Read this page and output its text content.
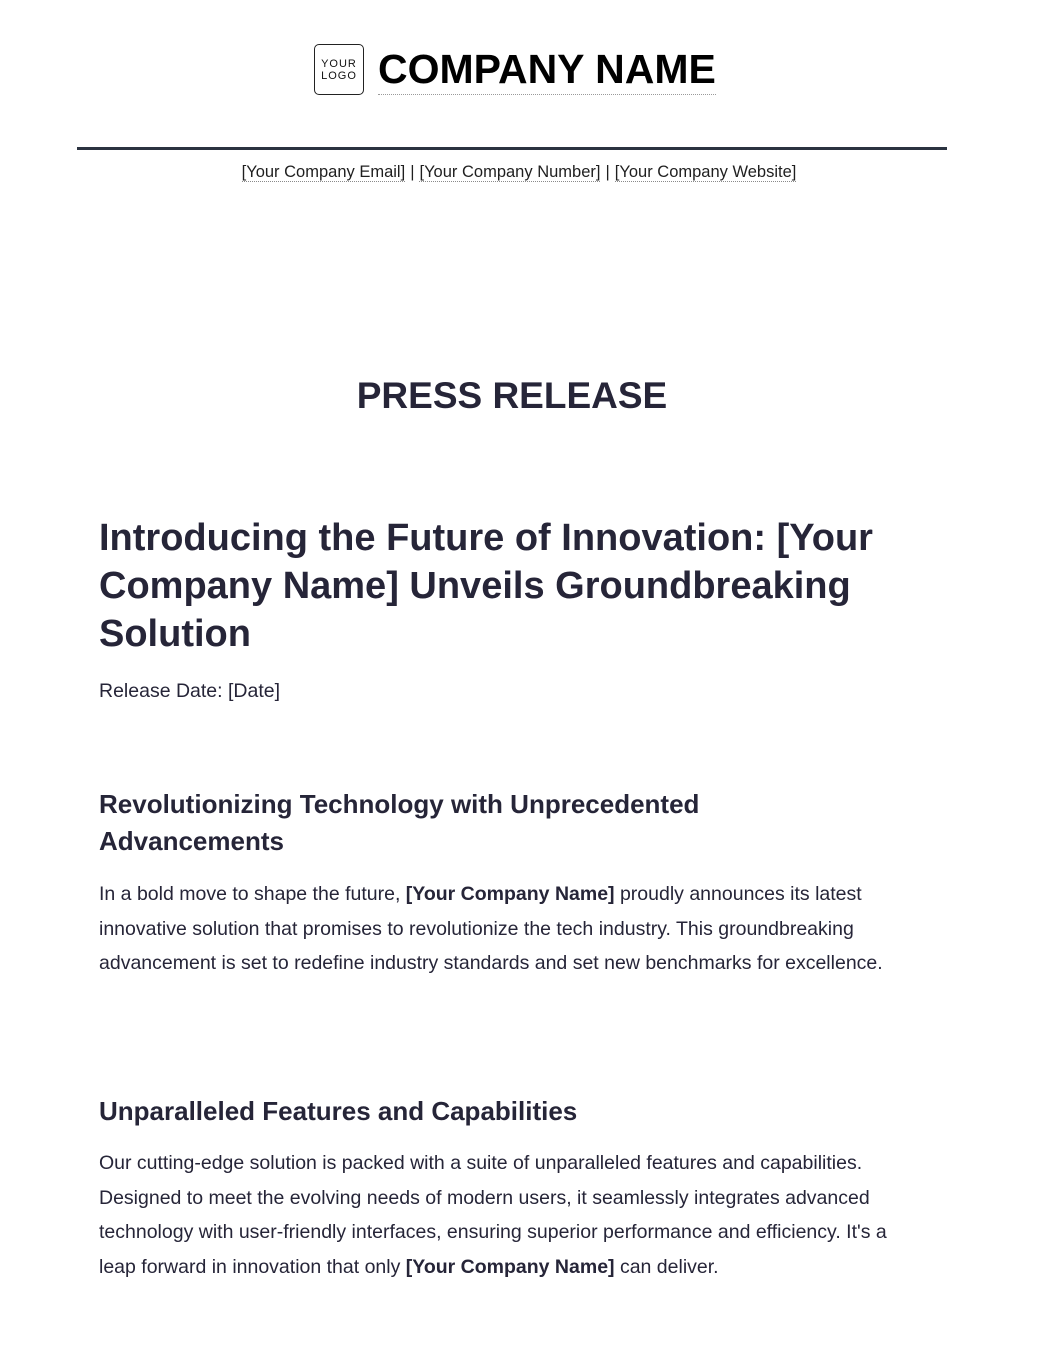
YOUR
LOGO COMPANY NAME
[Your Company Email] | [Your Company Number] | [Your Company Website]
PRESS RELEASE
Introducing the Future of Innovation: [Your Company Name] Unveils Groundbreaking Solution
Release Date: [Date]
Revolutionizing Technology with Unprecedented Advancements

In a bold move to shape the future, [Your Company Name] proudly announces its latest innovative solution that promises to revolutionize the tech industry. This groundbreaking advancement is set to redefine industry standards and set new benchmarks for excellence.

Unparalleled Features and Capabilities

Our cutting-edge solution is packed with a suite of unparalleled features and capabilities. Designed to meet the evolving needs of modern users, it seamlessly integrates advanced technology with user-friendly interfaces, ensuring superior performance and efficiency. It's a leap forward in innovation that only [Your Company Name] can deliver.
